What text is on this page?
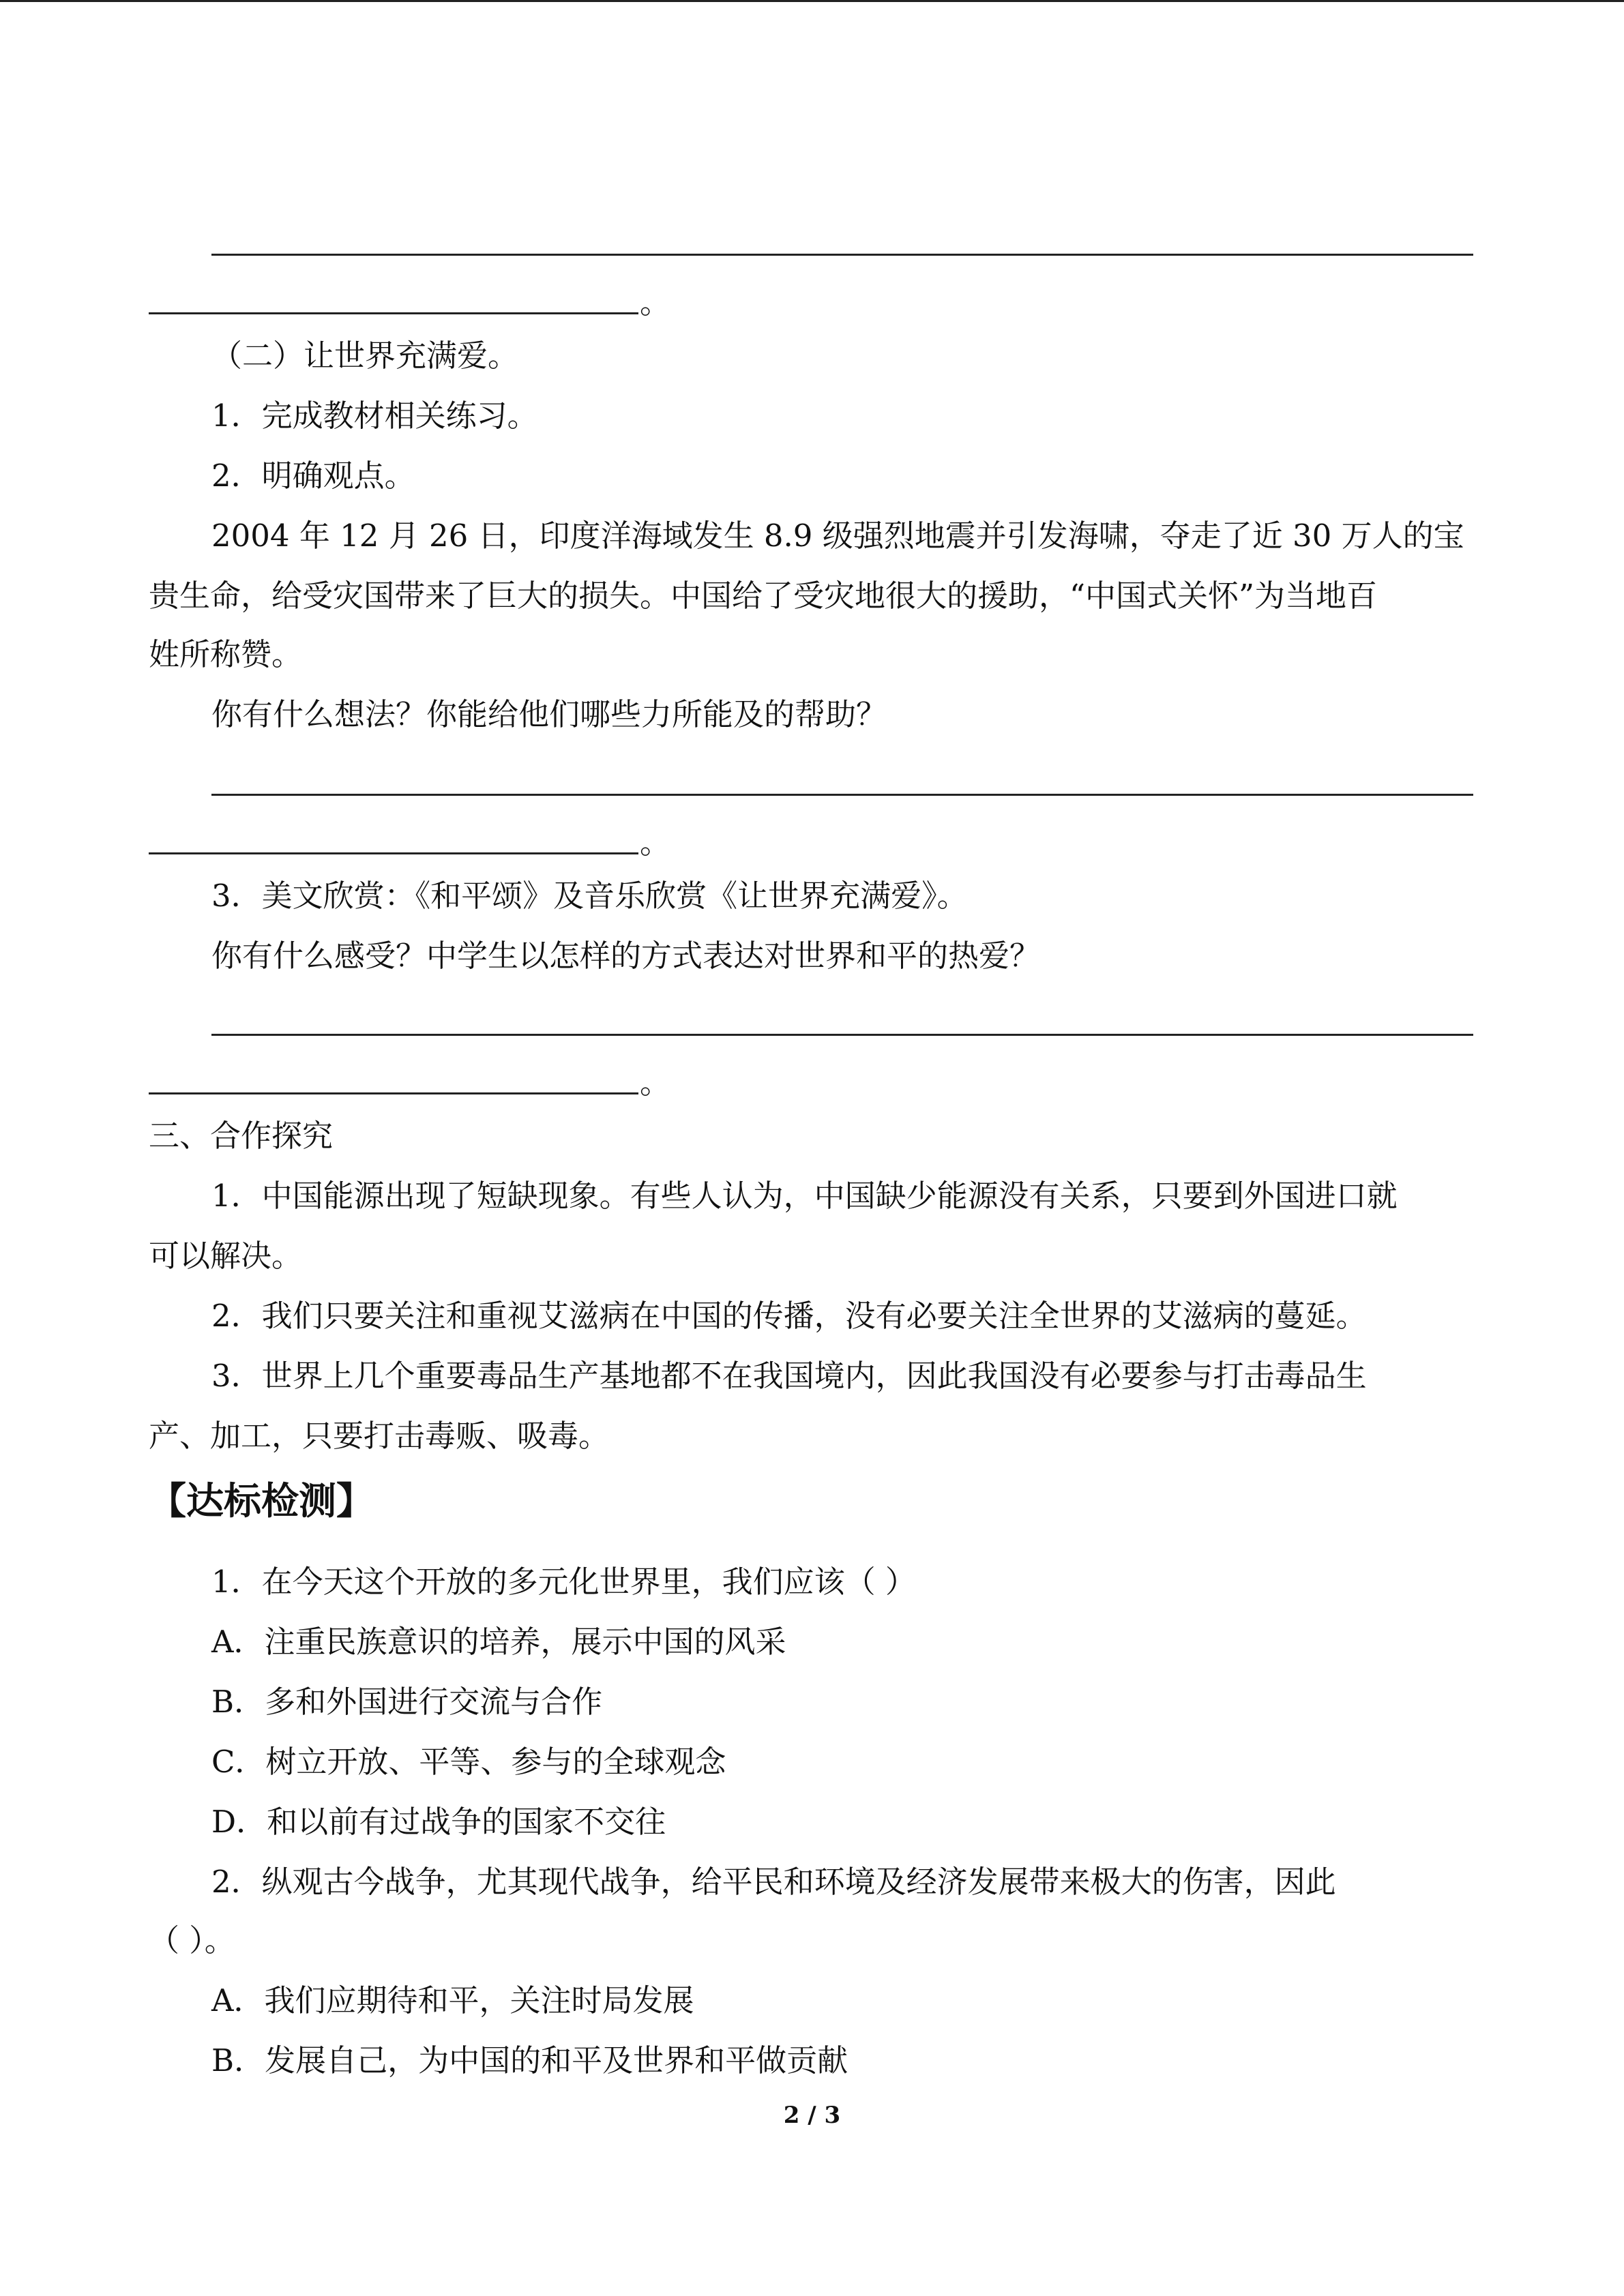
。
（二）让世界充满爱。
1．完成教材相关练习。
2．明确观点。
2004 年 12 月 26 日，印度洋海域发生 8.9 级强烈地震并引发海啸，夺走了近 30 万人的宝
贵生命，给受灾国带来了巨大的损失。中国给了受灾地很大的援助，“中国式关怀”为当地百
姓所称赞。
你有什么想法？你能给他们哪些力所能及的帮助？
。
3．美文欣赏：《和平颂》及音乐欣赏《让世界充满爱》。
你有什么感受？中学生以怎样的方式表达对世界和平的热爱？
。
三、合作探究
1．中国能源出现了短缺现象。有些人认为，中国缺少能源没有关系，只要到外国进口就
可以解决。
2．我们只要关注和重视艾滋病在中国的传播，没有必要关注全世界的艾滋病的蔓延。
3．世界上几个重要毒品生产基地都不在我国境内，因此我国没有必要参与打击毒品生
产、加工，只要打击毒贩、吸毒。
【达标检测】
1．在今天这个开放的多元化世界里，我们应该（ ）
A．注重民族意识的培养，展示中国的风采
B．多和外国进行交流与合作
C．树立开放、平等、参与的全球观念
D．和以前有过战争的国家不交往
2．纵观古今战争，尤其现代战争，给平民和环境及经济发展带来极大的伤害，因此
（ ）。
A．我们应期待和平，关注时局发展
B．发展自己，为中国的和平及世界和平做贡献
2 / 3
